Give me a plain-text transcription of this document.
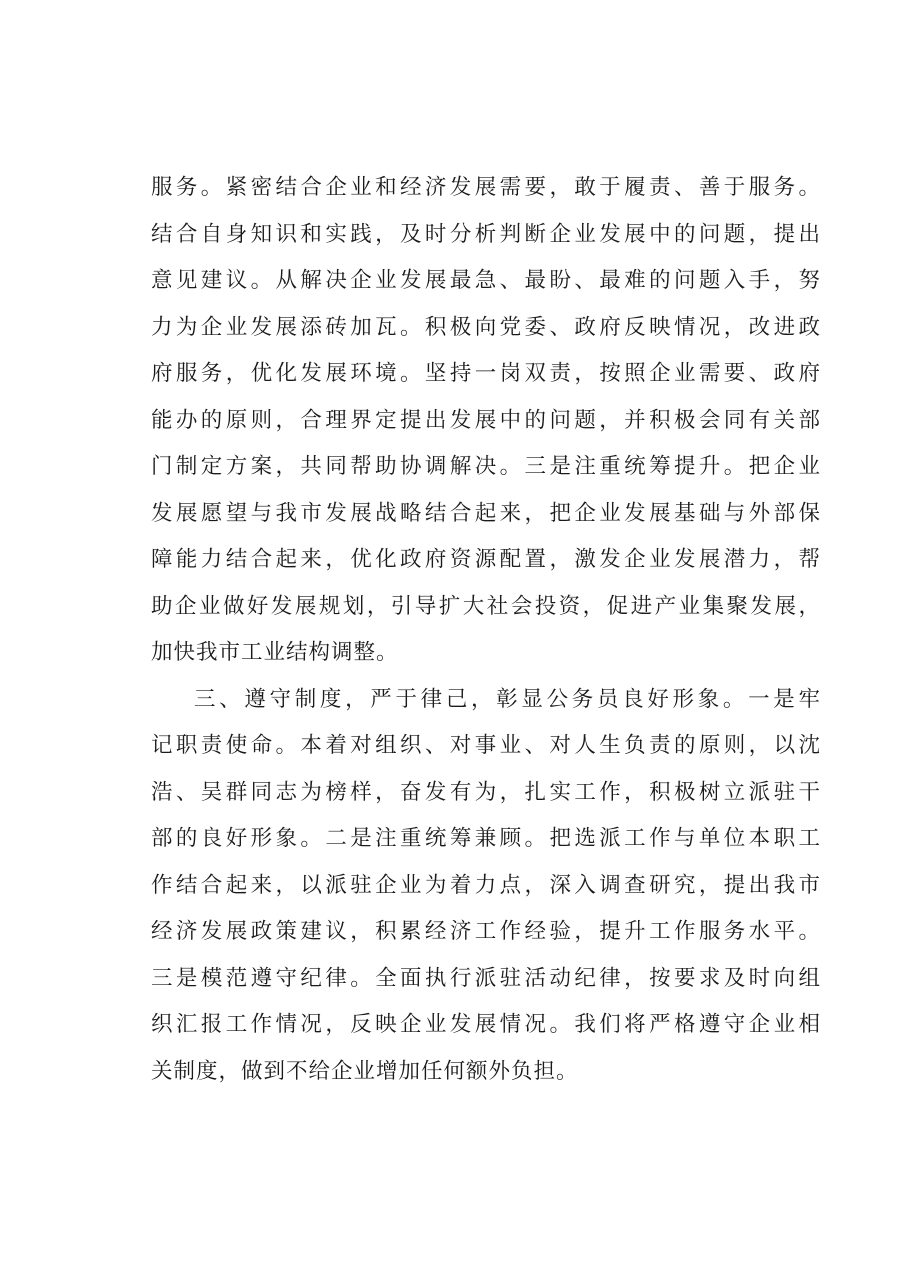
服务。紧密结合企业和经济发展需要，敢于履责、善于服务。
结合自身知识和实践，及时分析判断企业发展中的问题，提出
意见建议。从解决企业发展最急、最盼、最难的问题入手，努
力为企业发展添砖加瓦。积极向党委、政府反映情况，改进政
府服务，优化发展环境。坚持一岗双责，按照企业需要、政府
能办的原则，合理界定提出发展中的问题，并积极会同有关部
门制定方案，共同帮助协调解决。三是注重统筹提升。把企业
发展愿望与我市发展战略结合起来，把企业发展基础与外部保
障能力结合起来，优化政府资源配置，激发企业发展潜力，帮
助企业做好发展规划，引导扩大社会投资，促进产业集聚发展，
加快我市工业结构调整。
三、遵守制度，严于律己，彰显公务员良好形象。一是牢
记职责使命。本着对组织、对事业、对人生负责的原则，以沈
浩、吴群同志为榜样，奋发有为，扎实工作，积极树立派驻干
部的良好形象。二是注重统筹兼顾。把选派工作与单位本职工
作结合起来，以派驻企业为着力点，深入调查研究，提出我市
经济发展政策建议，积累经济工作经验，提升工作服务水平。
三是模范遵守纪律。全面执行派驻活动纪律，按要求及时向组
织汇报工作情况，反映企业发展情况。我们将严格遵守企业相
关制度，做到不给企业增加任何额外负担。
